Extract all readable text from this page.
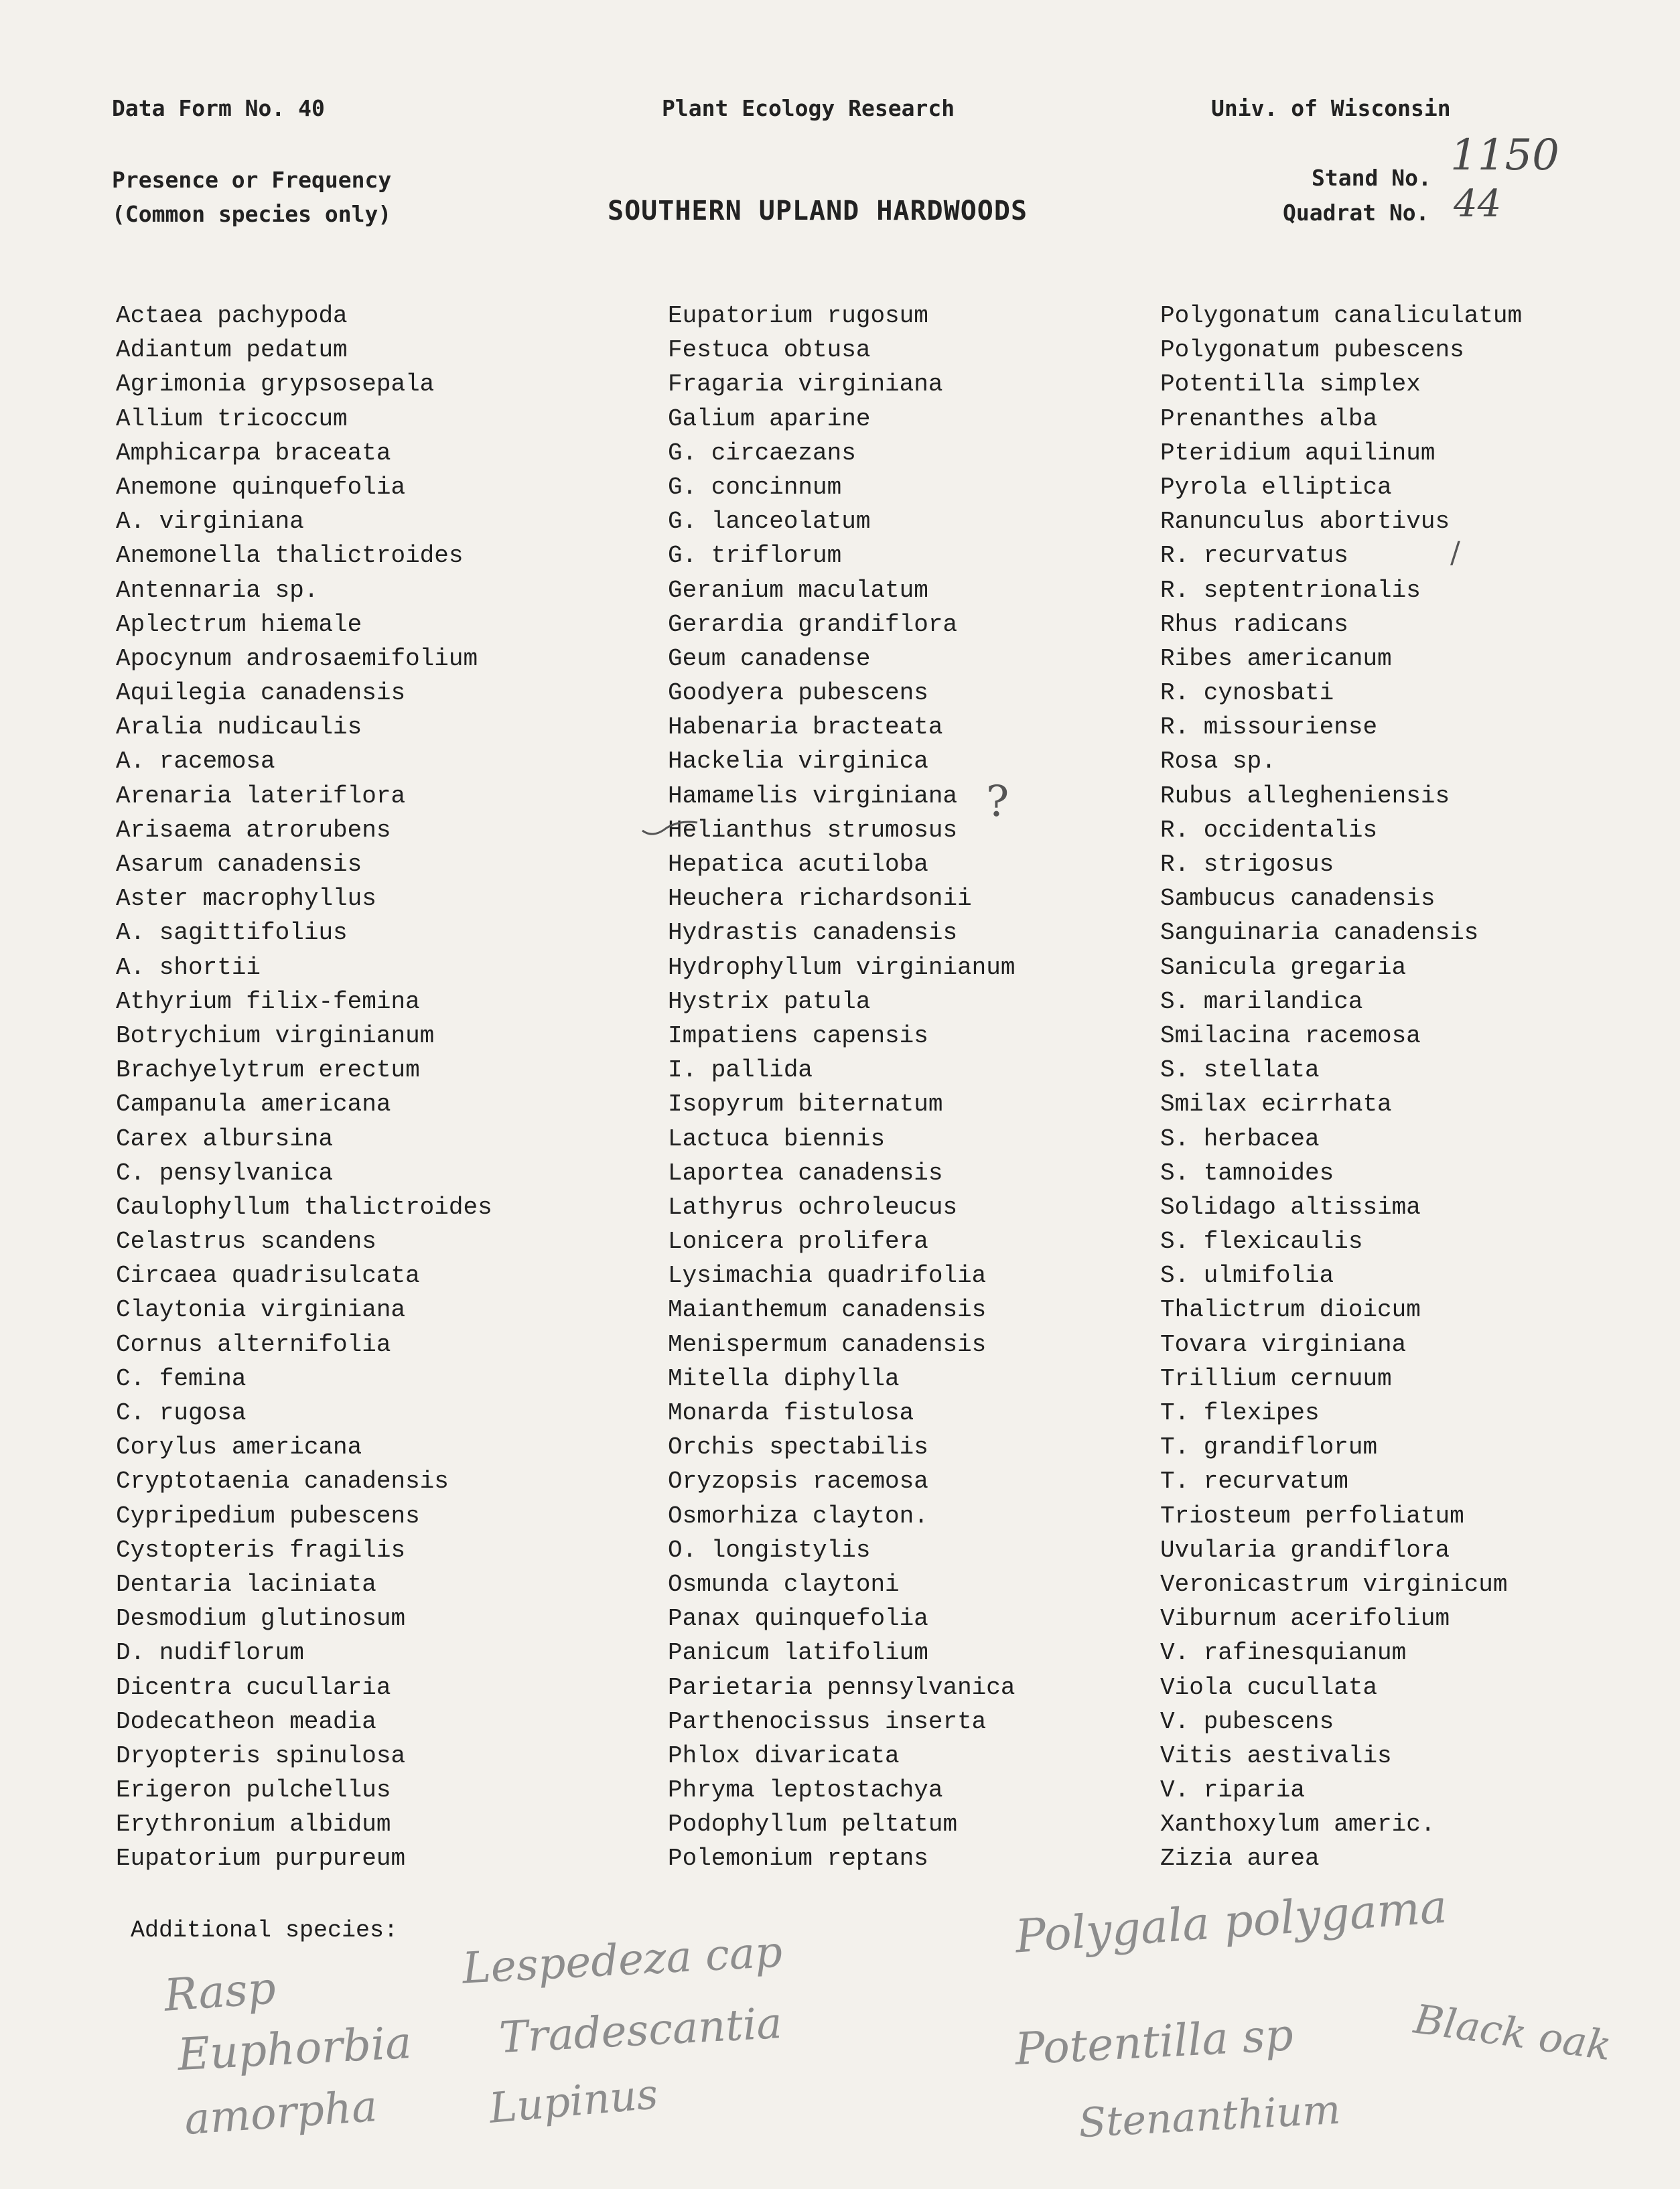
Data Form No. 40	Plant Ecology Research	Univ. of Wisconsin
Presence or Frequency
(Common species only)	SOUTHERN UPLAND HARDWOODS
Stand No. 1150
Quadrat No. 44
Actaea pachypoda
Adiantum pedatum
Agrimonia grypsosepala
Allium tricoccum
Amphicarpa braceata
Anemone quinquefolia
A. virginiana
Anemonella thalictroides
Antennaria sp.
Aplectrum hiemale
Apocynum androsaemifolium
Aquilegia canadensis
Aralia nudicaulis
A. racemosa
Arenaria lateriflora
Arisaema atrorubens
Asarum canadensis
Aster macrophyllus
A. sagittifolius
A. shortii
Athyrium filix-femina
Botrychium virginianum
Brachyelytrum erectum
Campanula americana
Carex albursina
C. pensylvanica
Caulophyllum thalictroides
Celastrus scandens
Circaea quadrisulcata
Claytonia virginiana
Cornus alternifolia
C. femina
C. rugosa
Corylus americana
Cryptotaenia canadensis
Cypripedium pubescens
Cystopteris fragilis
Dentaria laciniata
Desmodium glutinosum
D. nudiflorum
Dicentra cucullaria
Dodecatheon meadia
Dryopteris spinulosa
Erigeron pulchellus
Erythronium albidum
Eupatorium purpureum
Eupatorium rugosum
Festuca obtusa
Fragaria virginiana
Galium aparine
G. circaezans
G. concinnum
G. lanceolatum
G. triflorum
Geranium maculatum
Gerardia grandiflora
Geum canadense
Goodyera pubescens
Habenaria bracteata
Hackelia virginica
Hamamelis virginiana
Helianthus strumosus
Hepatica acutiloba
Heuchera richardsonii
Hydrastis canadensis
Hydrophyllum virginianum
Hystrix patula
Impatiens capensis
I. pallida
Isopyrum biternatum
Lactuca biennis
Laportea canadensis
Lathyrus ochroleucus
Lonicera prolifera
Lysimachia quadrifolia
Maianthemum canadensis
Menispermum canadensis
Mitella diphylla
Monarda fistulosa
Orchis spectabilis
Oryzopsis racemosa
Osmorhiza clayton.
O. longistylis
Osmunda claytoni
Panax quinquefolia
Panicum latifolium
Parietaria pennsylvanica
Parthenocissus inserta
Phlox divaricata
Phryma leptostachya
Podophyllum peltatum
Polemonium reptans
Polygonatum canaliculatum
Polygonatum pubescens
Potentilla simplex
Prenanthes alba
Pteridium aquilinum
Pyrola elliptica
Ranunculus abortivus
R. recurvatus
R. septentrionalis
Rhus radicans
Ribes americanum
R. cynosbati
R. missouriense
Rosa sp.
Rubus allegheniensis
R. occidentalis
R. strigosus
Sambucus canadensis
Sanguinaria canadensis
Sanicula gregaria
S. marilandica
Smilacina racemosa
S. stellata
Smilax ecirrhata
S. herbacea
S. tamnoides
Solidago altissima
S. flexicaulis
S. ulmifolia
Thalictrum dioicum
Tovara virginiana
Trillium cernuum
T. flexipes
T. grandiflorum
T. recurvatum
Triosteum perfoliatum
Uvularia grandiflora
Veronicastrum virginicum
Viburnum acerifolium
V. rafinesquianum
Viola cucullata
V. pubescens
Vitis aestivalis
V. riparia
Xanthoxylum americ.
Zizia aurea
?
/
Additional species:
Rasp	Lespedeza cap
Euphorbia Tradescantia
amorpha	Lupinus
Polygala polygama
Potentilla sp	Black oak
Stenanthium
